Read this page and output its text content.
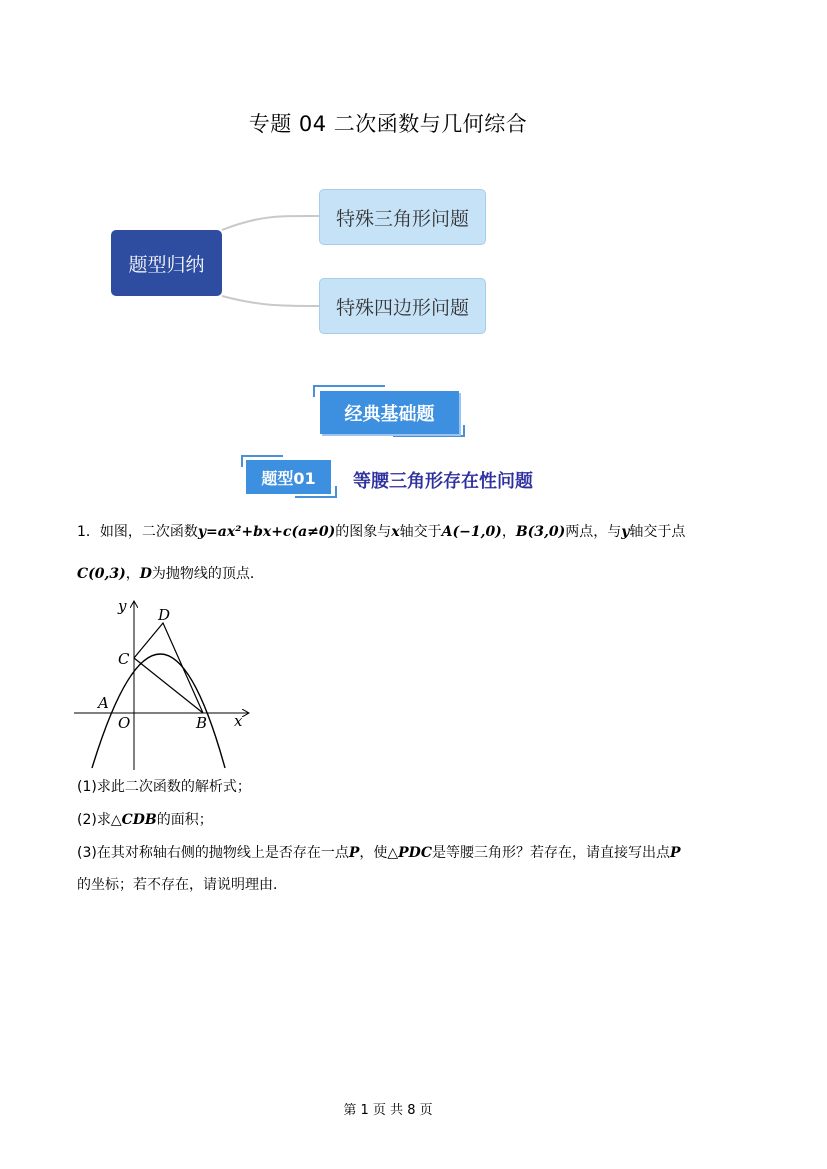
专题 04 二次函数与几何综合
题型归纳
特殊三角形问题
特殊四边形问题
经典基础题
题型01	等腰三角形存在性问题
1．如图，二次函数y=ax²+bx+c(a≠0)的图象与x轴交于A(−1,0)，B(3,0)两点，与y轴交于点
C(0,3)，D为抛物线的顶点．
y
x
D
C
A
O	B
(1)求此二次函数的解析式；
(2)求△CDB的面积；
(3)在其对称轴右侧的抛物线上是否存在一点P，使△PDC是等腰三角形？若存在，请直接写出点P
的坐标；若不存在，请说明理由．
第 1 页 共 8 页
